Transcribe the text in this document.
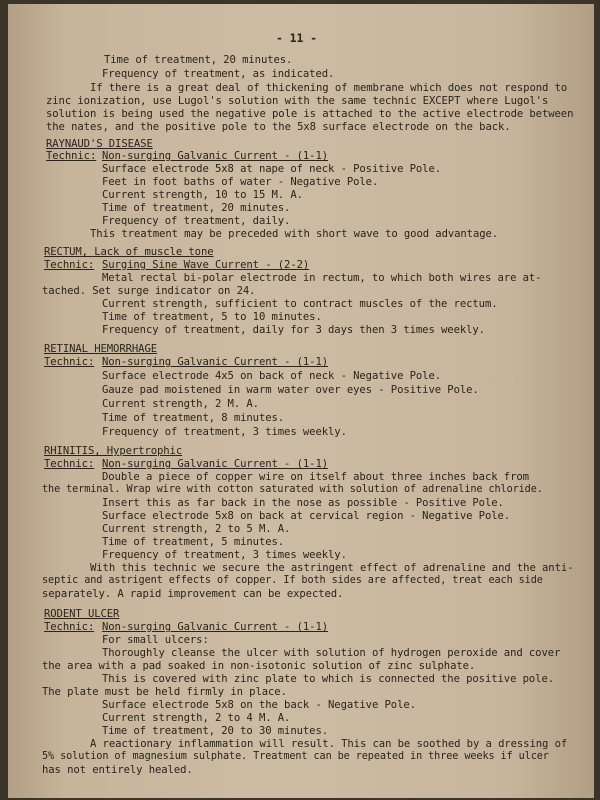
- 11 -
Time of treatment, 20 minutes.
Frequency of treatment, as indicated.
If there is a great deal of thickening of membrane which does not respond to
zinc ionization, use Lugol's solution with the same technic EXCEPT where Lugol's
solution is being used the negative pole is attached to the active electrode between
the nates, and the positive pole to the 5x8 surface electrode on the back.
RAYNAUD'S DISEASE
Technic: Non-surging Galvanic Current - (1-1)
Surface electrode 5x8 at nape of neck - Positive Pole.
Feet in foot baths of water - Negative Pole.
Current strength, 10 to 15 M. A.
Time of treatment, 20 minutes.
Frequency of treatment, daily.
This treatment may be preceded with short wave to good advantage.
RECTUM, Lack of muscle tone
Technic: Surging Sine Wave Current - (2-2)
Metal rectal bi-polar electrode in rectum, to which both wires are at-
tached. Set surge indicator on 24.
Current strength, sufficient to contract muscles of the rectum.
Time of treatment, 5 to 10 minutes.
Frequency of treatment, daily for 3 days then 3 times weekly.
RETINAL HEMORRHAGE
Technic: Non-surging Galvanic Current - (1-1)
Surface electrode 4x5 on back of neck - Negative Pole.
Gauze pad moistened in warm water over eyes - Positive Pole.
Current strength, 2 M. A.
Time of treatment, 8 minutes.
Frequency of treatment, 3 times weekly.
RHINITIS, Hypertrophic
Technic: Non-surging Galvanic Current - (1-1)
Double a piece of copper wire on itself about three inches back from
the terminal. Wrap wire with cotton saturated with solution of adrenaline chloride.
Insert this as far back in the nose as possible - Positive Pole.
Surface electrode 5x8 on back at cervical region - Negative Pole.
Current strength, 2 to 5 M. A.
Time of treatment, 5 minutes.
Frequency of treatment, 3 times weekly.
With this technic we secure the astringent effect of adrenaline and the anti-
septic and astrigent effects of copper. If both sides are affected, treat each side
separately. A rapid improvement can be expected.
RODENT ULCER
Technic: Non-surging Galvanic Current - (1-1)
For small ulcers:
Thoroughly cleanse the ulcer with solution of hydrogen peroxide and cover
the area with a pad soaked in non-isotonic solution of zinc sulphate.
This is covered with zinc plate to which is connected the positive pole.
The plate must be held firmly in place.
Surface electrode 5x8 on the back - Negative Pole.
Current strength, 2 to 4 M. A.
Time of treatment, 20 to 30 minutes.
A reactionary inflammation will result. This can be soothed by a dressing of
5% solution of magnesium sulphate. Treatment can be repeated in three weeks if ulcer
has not entirely healed.
